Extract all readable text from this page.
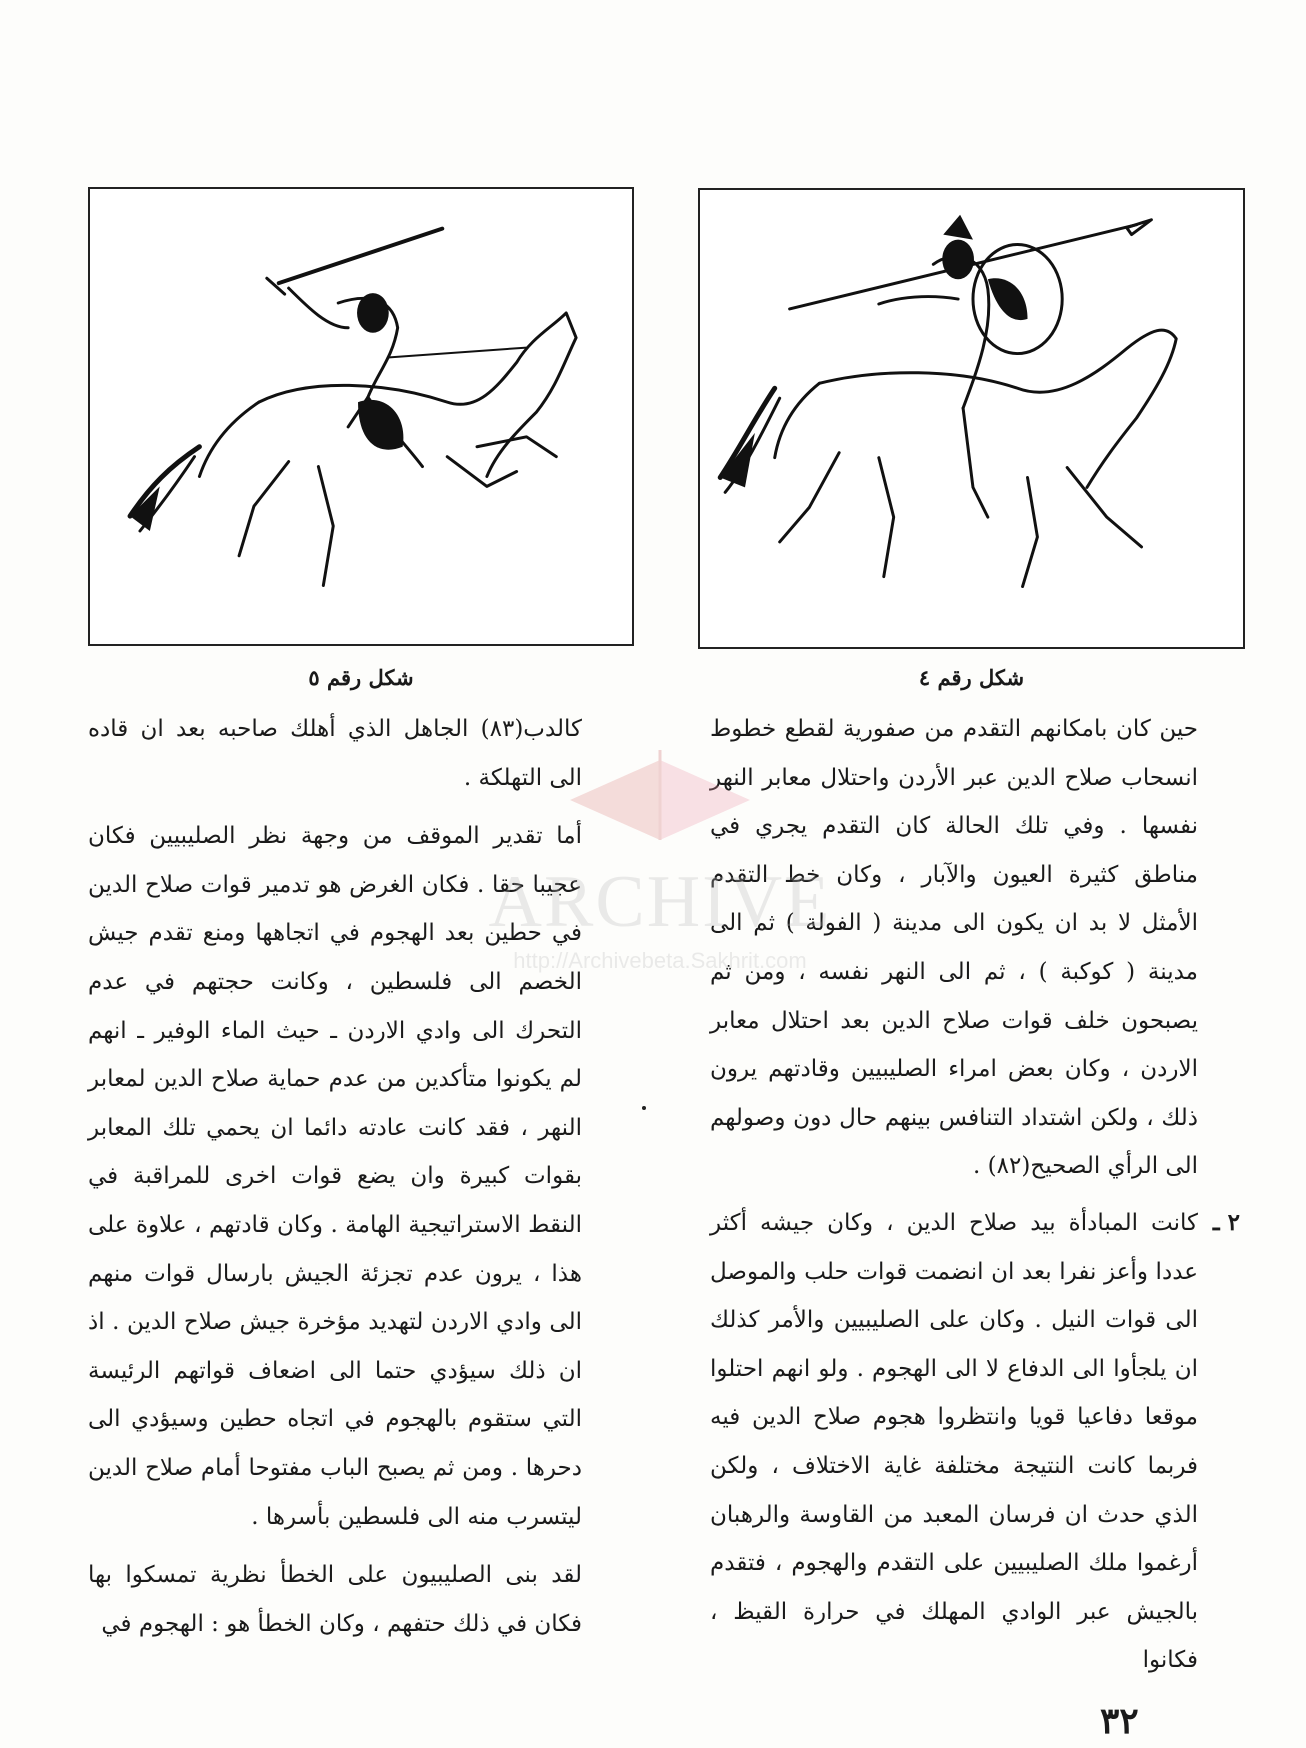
شكل رقم ٥	شكل رقم ٤

حين كان بامكانهم التقدم من صفورية لقطع خطوط انسحاب صلاح الدين عبر الأردن واحتلال معابر النهر نفسها . وفي تلك الحالة كان التقدم يجري في مناطق كثيرة العيون والآبار ، وكان خط التقدم الأمثل لا بد ان يكون الى مدينة ( الفولة ) ثم الى مدينة ( كوكبة ) ، ثم الى النهر نفسه ، ومن ثم يصبحون خلف قوات صلاح الدين بعد احتلال معابر الاردن ، وكان بعض امراء الصليبيين وقادتهم يرون ذلك ، ولكن اشتداد التنافس بينهم حال دون وصولهم الى الرأي الصحيح(٨٢) .

٢ ـ

كانت المبادأة بيد صلاح الدين ، وكان جيشه أكثر عددا وأعز نفرا بعد ان انضمت قوات حلب والموصل الى قوات النيل . وكان على الصليبيين والأمر كذلك ان يلجأوا الى الدفاع لا الى الهجوم . ولو انهم احتلوا موقعا دفاعيا قويا وانتظروا هجوم صلاح الدين فيه فربما كانت النتيجة مختلفة غاية الاختلاف ، ولكن الذي حدث ان فرسان المعبد من القاوسة والرهبان أرغموا ملك الصليبيين على التقدم والهجوم ، فتقدم بالجيش عبر الوادي المهلك في حرارة القيظ ، فكانوا

كالدب(٨٣) الجاهل الذي أهلك صاحبه بعد ان قاده الى التهلكة .

أما تقدير الموقف من وجهة نظر الصليبيين فكان عجيبا حقا . فكان الغرض هو تدمير قوات صلاح الدين في حطين بعد الهجوم في اتجاهها ومنع تقدم جيش الخصم الى فلسطين ، وكانت حجتهم في عدم التحرك الى وادي الاردن ـ حيث الماء الوفير ـ انهم لم يكونوا متأكدين من عدم حماية صلاح الدين لمعابر النهر ، فقد كانت عادته دائما ان يحمي تلك المعابر بقوات كبيرة وان يضع قوات اخرى للمراقبة في النقط الاستراتيجية الهامة . وكان قادتهم ، علاوة على هذا ، يرون عدم تجزئة الجيش بارسال قوات منهم الى وادي الاردن لتهديد مؤخرة جيش صلاح الدين . اذ ان ذلك سيؤدي حتما الى اضعاف قواتهم الرئيسة التي ستقوم بالهجوم في اتجاه حطين وسيؤدي الى دحرها . ومن ثم يصبح الباب مفتوحا أمام صلاح الدين ليتسرب منه الى فلسطين بأسرها .

لقد بنى الصليبيون على الخطأ نظرية تمسكوا بها فكان في ذلك حتفهم ، وكان الخطأ هو : الهجوم في

ARCHIVE
http://Archivebeta.Sakhrit.com
٣٢
